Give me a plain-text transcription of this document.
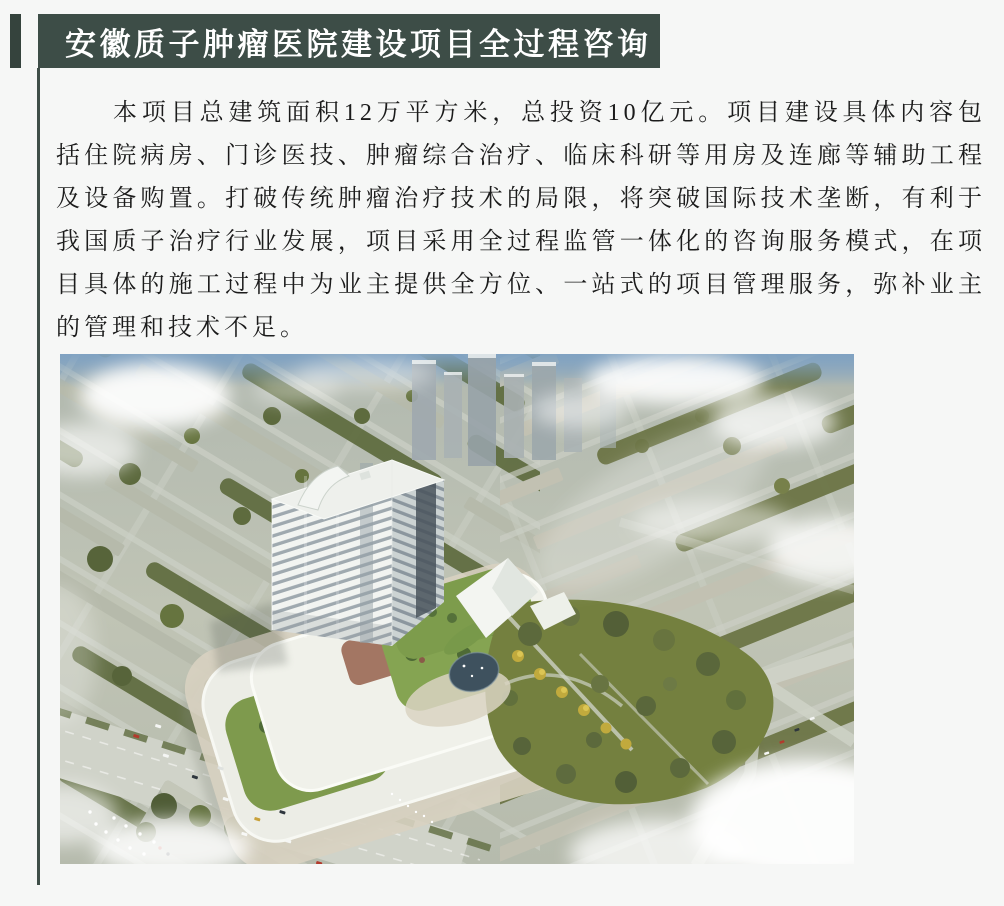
安徽质子肿瘤医院建设项目全过程咨询

本项目总建筑面积12万平方米，总投资10亿元。项目建设具体内容包括住院病房、门诊医技、肿瘤综合治疗、临床科研等用房及连廊等辅助工程及设备购置。打破传统肿瘤治疗技术的局限，将突破国际技术垄断，有利于我国质子治疗行业发展，项目采用全过程监管一体化的咨询服务模式，在项目具体的施工过程中为业主提供全方位、一站式的项目管理服务，弥补业主的管理和技术不足。
